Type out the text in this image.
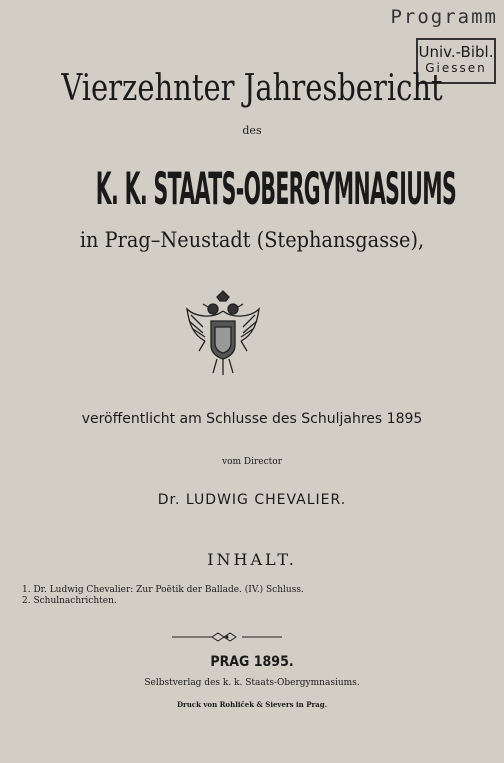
Programm
Univ.-Bibl.
Giessen
Vierzehnter Jahresbericht
des
K. K. STAATS-OBERGYMNASIUMS
in Prag–Neustadt (Stephansgasse),
veröffentlicht am Schlusse des Schuljahres 1895
vom Director
Dr. LUDWIG CHEVALIER.
INHALT.
1. Dr. Ludwig Chevalier: Zur Poëtik der Ballade. (IV.) Schluss.
2. Schulnachrichten.
PRAG 1895.
Selbstverlag des k. k. Staats-Obergymnasiums.
Druck von Rohliček & Sievers in Prag.
